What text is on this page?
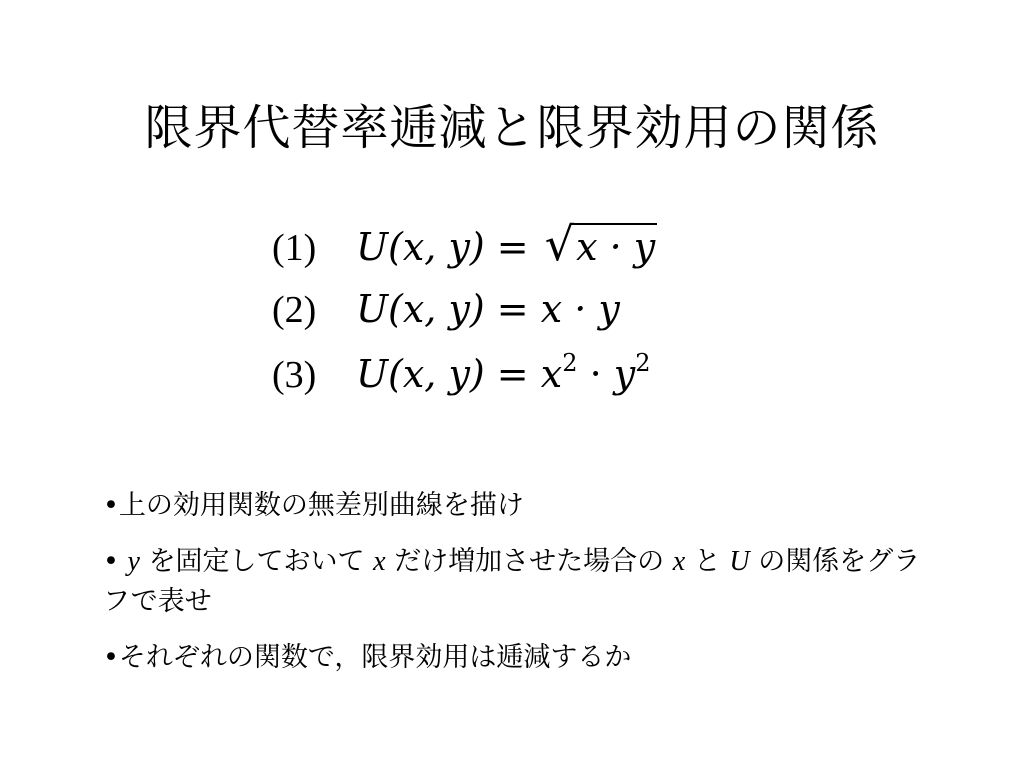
限界代替率逓減と限界効用の関係
(1)	U(x, y) = √x · y
(2)	U(x, y) = x · y
(3)	U(x, $y) = x^2 \cdot y^2$
•上の効用関数の無差別曲線を描け
• y を固定しておいて x だけ増加させた場合の x と U の関係をグラフで表せ
•それぞれの関数で，限界効用は逓減するか
